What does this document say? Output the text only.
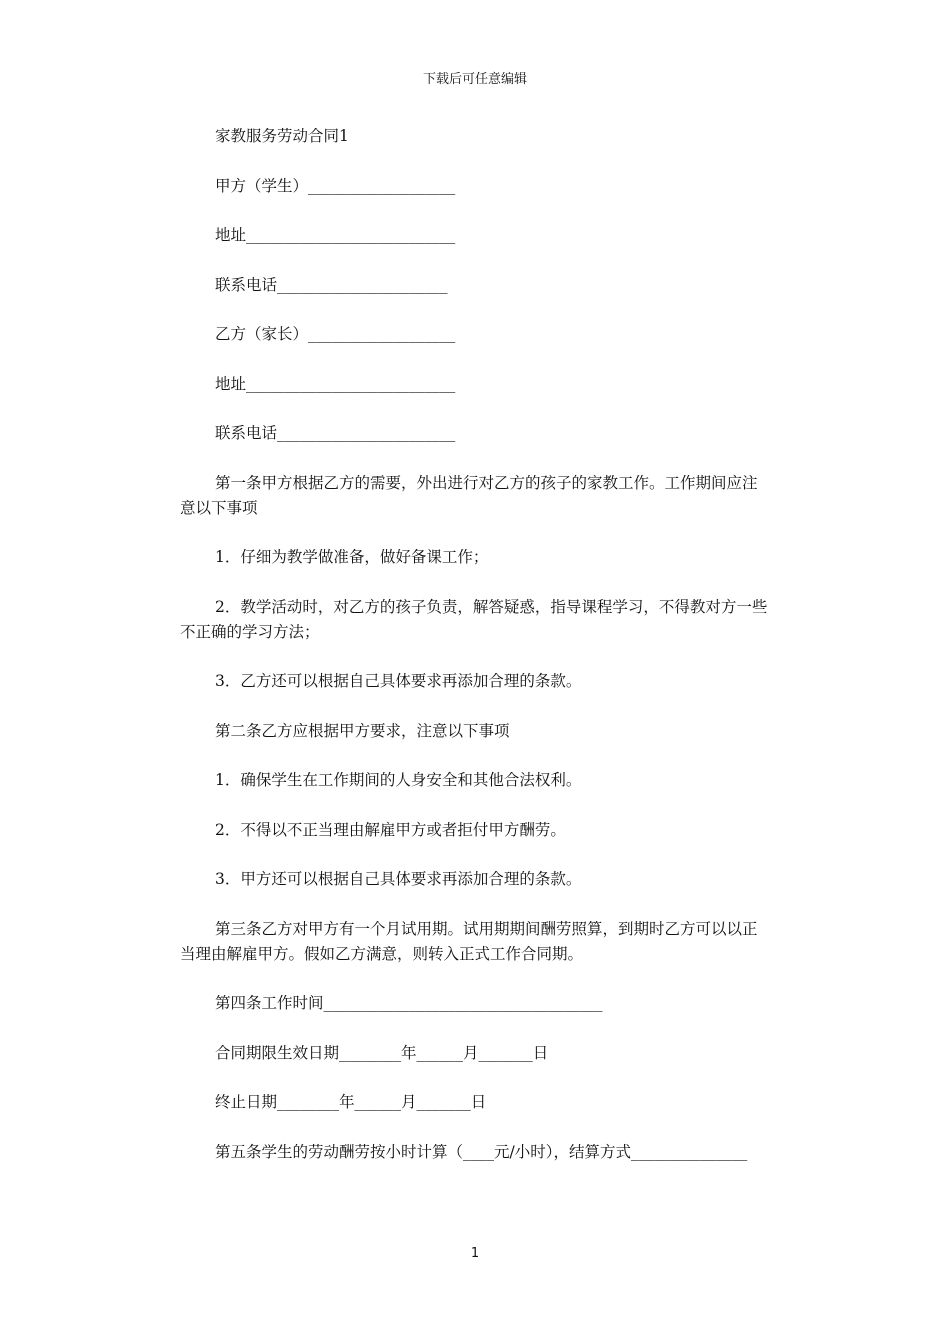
下载后可任意编辑

家教服务劳动合同1

甲方（学生）___________________

地址___________________________

联系电话______________________

乙方（家长）___________________

地址___________________________

联系电话_______________________

第一条甲方根据乙方的需要，外出进行对乙方的孩子的家教工作。工作期间应注意以下事项

1．仔细为教学做准备，做好备课工作；

2．教学活动时，对乙方的孩子负责，解答疑惑，指导课程学习，不得教对方一些不正确的学习方法；

3．乙方还可以根据自己具体要求再添加合理的条款。

第二条乙方应根据甲方要求，注意以下事项

1．确保学生在工作期间的人身安全和其他合法权利。

2．不得以不正当理由解雇甲方或者拒付甲方酬劳。

3．甲方还可以根据自己具体要求再添加合理的条款。

第三条乙方对甲方有一个月试用期。试用期期间酬劳照算，到期时乙方可以以正当理由解雇甲方。假如乙方满意，则转入正式工作合同期。

第四条工作时间____________________________________

合同期限生效日期________年______月_______日

终止日期________年______月_______日

第五条学生的劳动酬劳按小时计算（____元/小时），结算方式_______________

1
